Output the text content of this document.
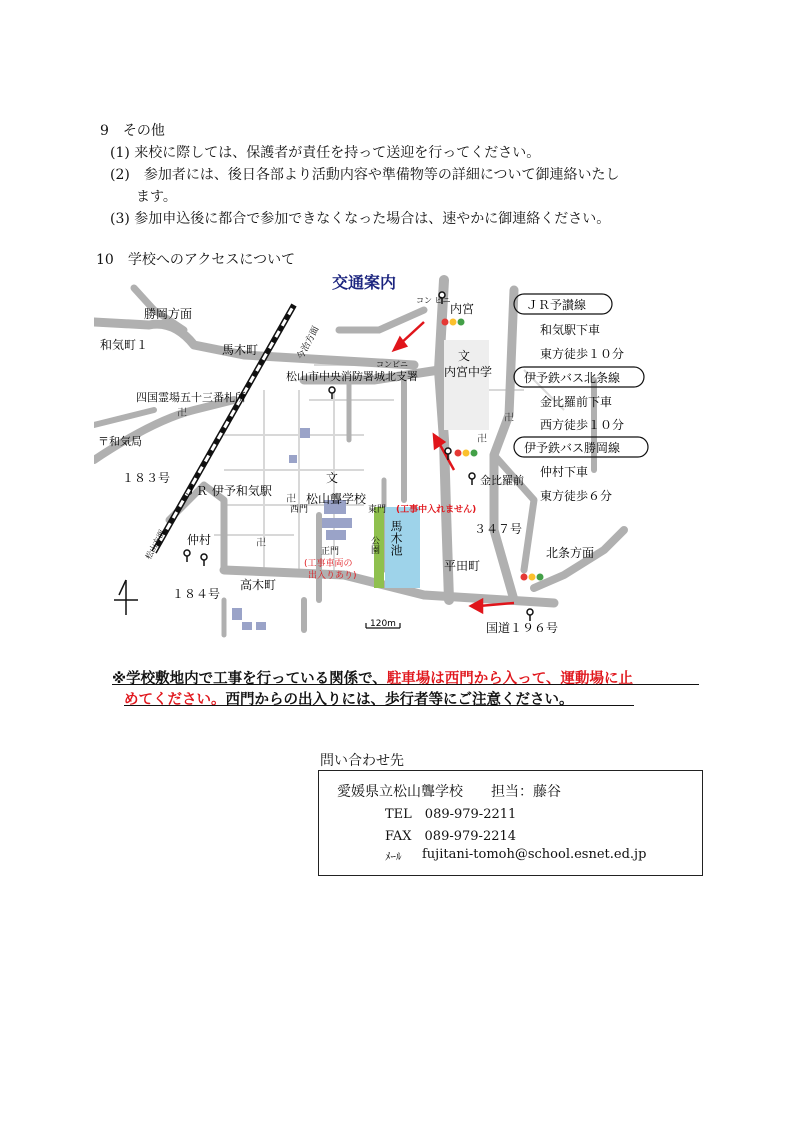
9　その他
(1) 来校に際しては、保護者が責任を持って送迎を行ってください。
(2)　参加者には、後日各部より活動内容や準備物等の詳細について御連絡いたし
ます。
(3) 参加申込後に都合で参加できなくなった場合は、速やかに御連絡ください。
10　学校へのアクセスについて
卍
卍
卍
卍
卍
交通案内
勝岡方面
和気町１	馬木町	今治方面
松山市中央消防署城北支署
四国霊場五十三番札所
〒和気局
１８３号
ＪＲ 伊予和気駅
文
松山聾学校
西門	東門 (工事中入れません)
正門
(工事車両の
出入りあり)
公園 馬木池	３４７号
平田町
仲村
１８４号
高木町
120m
松山方面	北条方面
国道１９６号
コン ビニ
コンビニ
内宮
文
内宮中学
金比羅前
ＪＲ予讃線
和気駅下車
東方徒歩１０分
伊予鉄バス北条線
金比羅前下車
西方徒歩１０分
伊予鉄バス勝岡線
仲村下車
東方徒歩６分
※学校敷地内で工事を行っている関係で、駐車場は西門から入って、運動場に止
めてください。西門からの出入りには、歩行者等にご注意ください。
問い合わせ先
愛媛県立松山聾学校　　担当：藤谷
TEL　089-979-2211
FAX　089-979-2214
ﾒｰﾙ fujitani-tomoh@school.esnet.ed.jp
